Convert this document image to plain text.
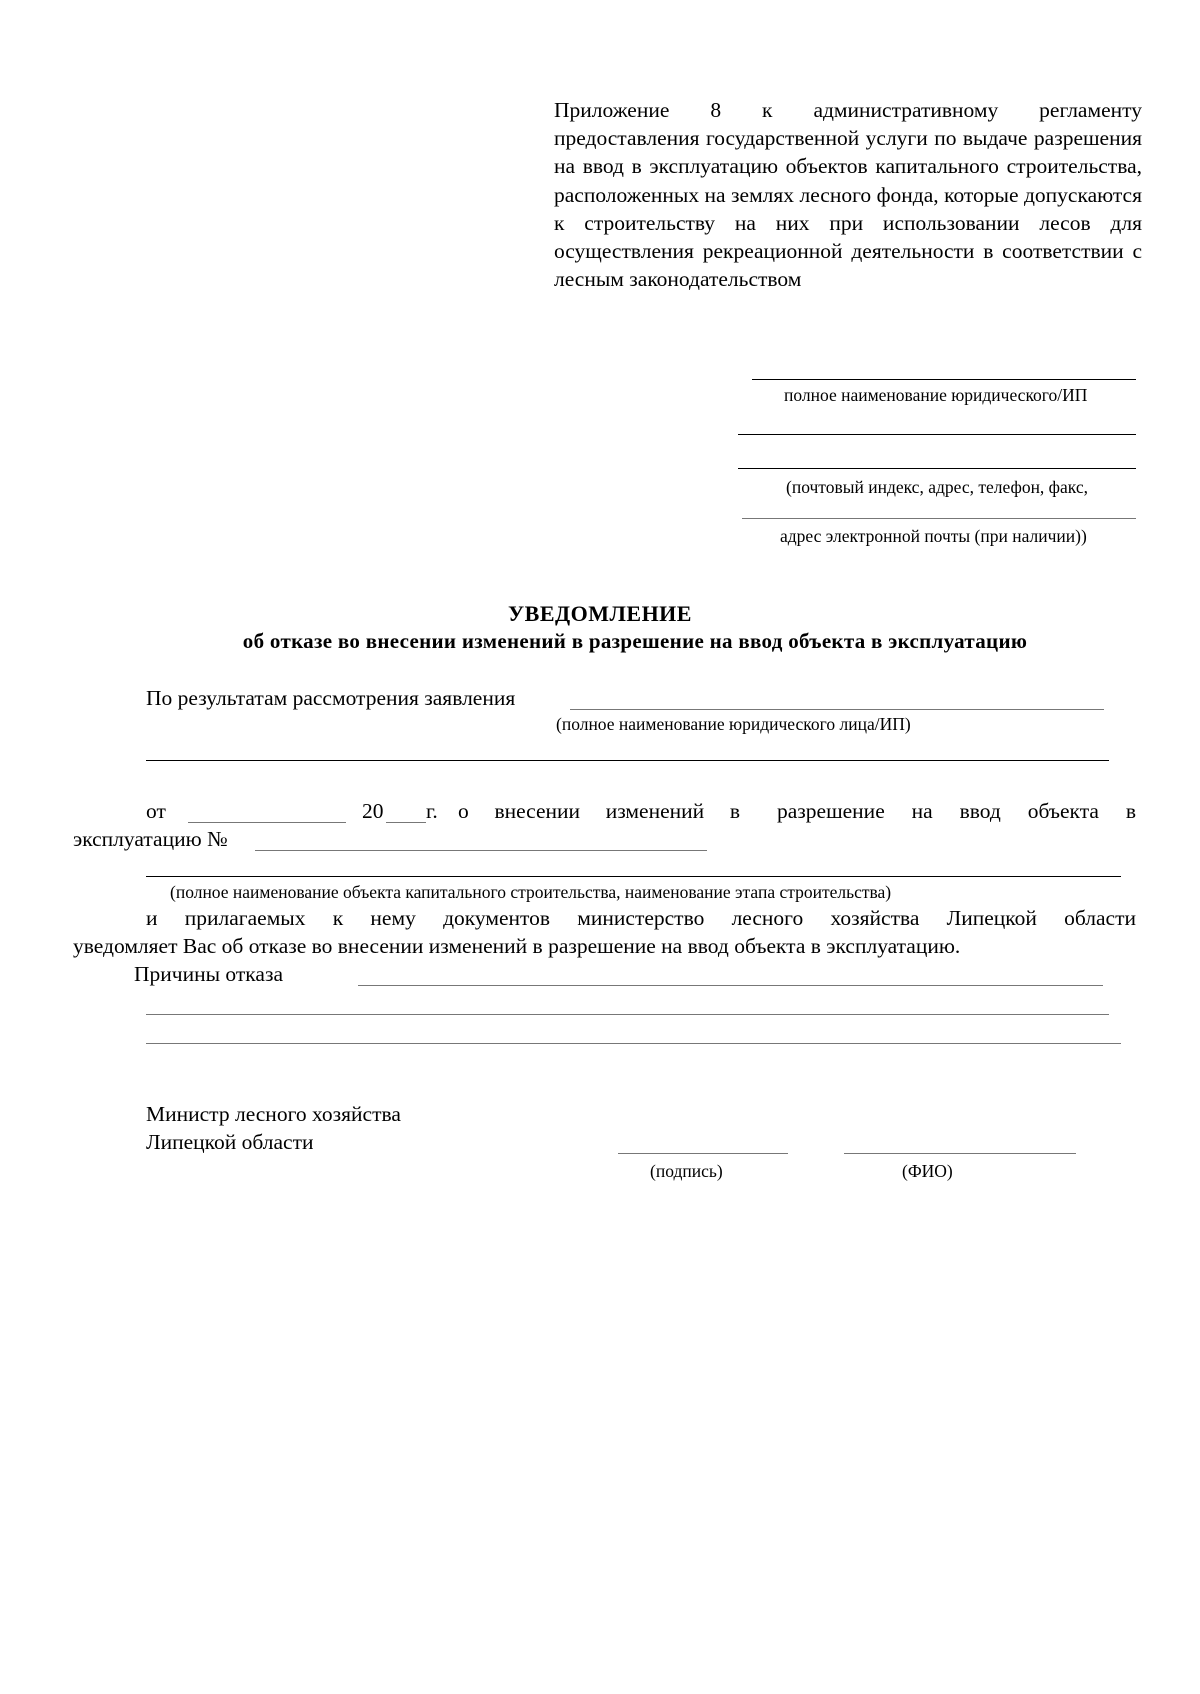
Приложение 8 к административному регламенту предоставления государственной услуги по выдаче разрешения на ввод в эксплуатацию объектов капитального строительства, расположенных на землях лесного фонда, которые допускаются к строительству на них при использовании лесов для осуществления рекреационной деятельности в соответствии с лесным законодательством
полное наименование юридического/ИП
(почтовый индекс, адрес, телефон, факс,
адрес электронной почты (при наличии))
УВЕДОМЛЕНИЕ
об отказе во внесении изменений в разрешение на ввод объекта в эксплуатацию
По результатам рассмотрения заявления
(полное наименование юридического лица/ИП)
от	20 г. о внесении изменений в разрешение на ввод объекта в
эксплуатацию №
(полное наименование объекта капитального строительства, наименование этапа строительства)
и прилагаемых к нему документов министерство лесного хозяйства Липецкой области
уведомляет Вас об отказе во внесении изменений в разрешение на ввод объекта в эксплуатацию.
Причины отказа
Министр лесного хозяйства
Липецкой области
(подпись)	(ФИО)
